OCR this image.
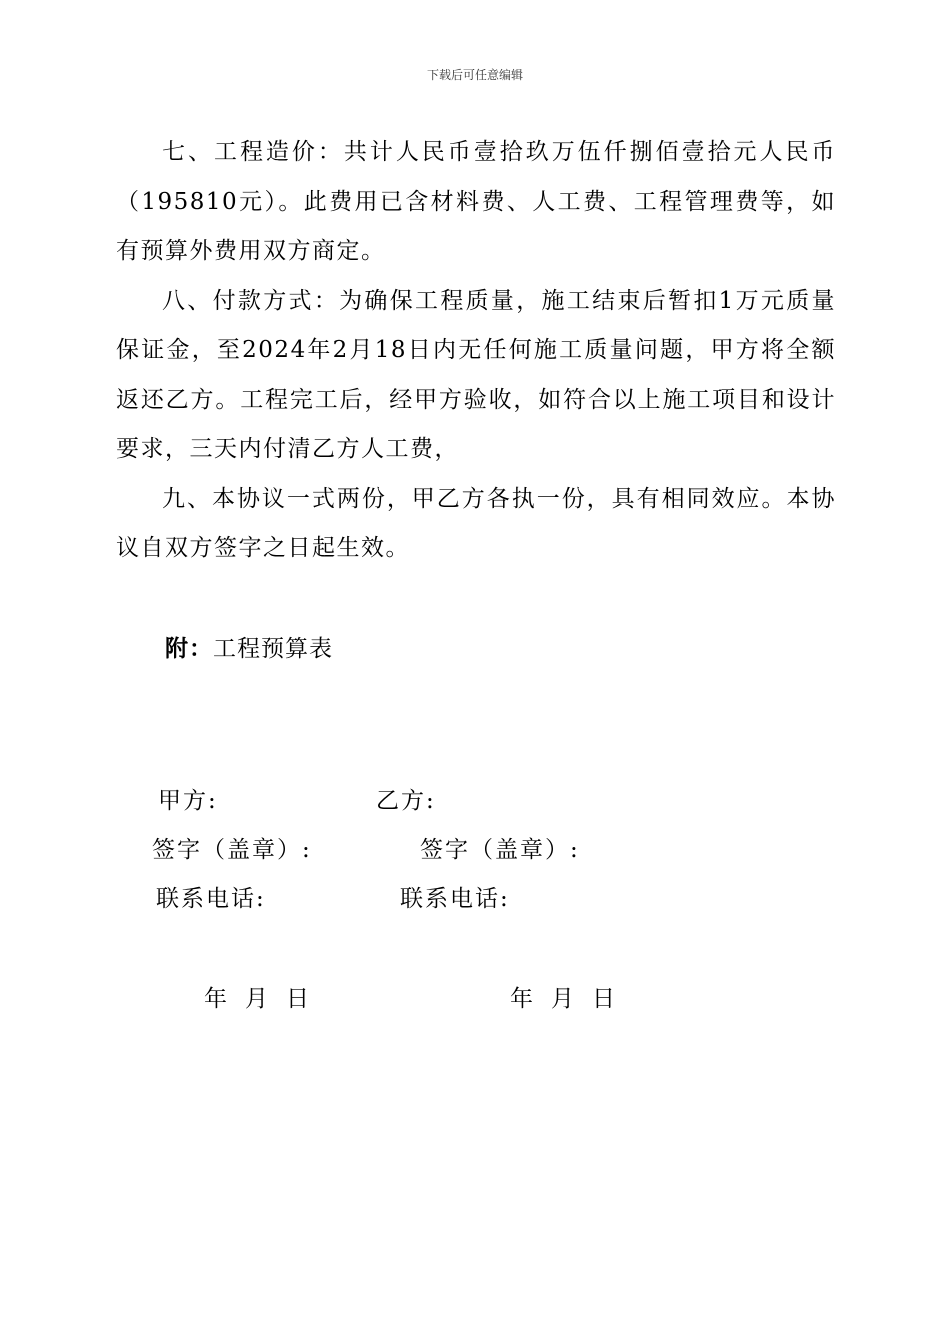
下载后可任意编辑

七、工程造价：共计人民币壹拾玖万伍仟捌佰壹拾元人民币（195810元）。此费用已含材料费、人工费、工程管理费等，如有预算外费用双方商定。

八、付款方式：为确保工程质量，施工结束后暂扣1万元质量保证金，至2024年2月18日内无任何施工质量问题，甲方将全额返还乙方。工程完工后，经甲方验收，如符合以上施工项目和设计要求，三天内付清乙方人工费，

九、本协议一式两份，甲乙方各执一份，具有相同效应。本协议自双方签字之日起生效。

附：工程预算表
甲方:	乙方:
签字（盖章）:	签字（盖章）:
联系电话:	联系电话:
年 月 日	年 月 日
